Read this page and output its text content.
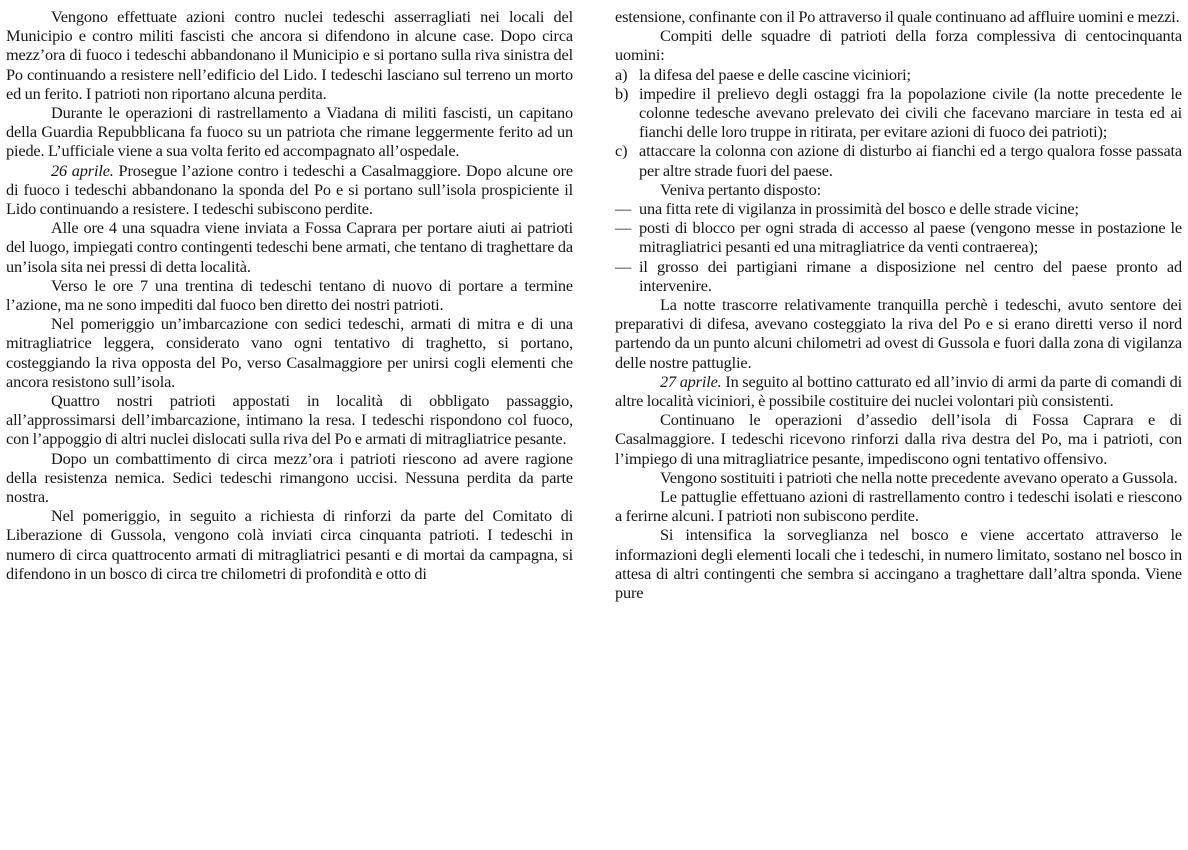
Vengono effettuate azioni contro nuclei tedeschi asserragliati nei locali del Municipio e contro militi fascisti che ancora si difendono in alcune case. Dopo circa mezz’ora di fuoco i tedeschi abbandonano il Municipio e si portano sulla riva sinistra del Po continuando a resistere nell’edificio del Lido. I tedeschi lasciano sul terreno un morto ed un ferito. I patrioti non riportano alcuna perdita.

Durante le operazioni di rastrellamento a Viadana di militi fascisti, un capitano della Guardia Repubblicana fa fuoco su un patriota che rimane leggermente ferito ad un piede. L’ufficiale viene a sua volta ferito ed accompagnato all’ospedale.

26 aprile. Prosegue l’azione contro i tedeschi a Casalmaggiore. Dopo alcune ore di fuoco i tedeschi abbandonano la sponda del Po e si portano sull’isola prospiciente il Lido continuando a resistere. I tedeschi subiscono perdite.

Alle ore 4 una squadra viene inviata a Fossa Caprara per portare aiuti ai patrioti del luogo, impiegati contro contingenti tedeschi bene armati, che tentano di traghettare da un’isola sita nei pressi di detta località.

Verso le ore 7 una trentina di tedeschi tentano di nuovo di portare a termine l’azione, ma ne sono impediti dal fuoco ben diretto dei nostri patrioti.

Nel pomeriggio un’imbarcazione con sedici tedeschi, armati di mitra e di una mitragliatrice leggera, considerato vano ogni tentativo di traghetto, si portano, costeggiando la riva opposta del Po, verso Casalmaggiore per unirsi cogli elementi che ancora resistono sull’isola.

Quattro nostri patrioti appostati in località di obbligato passaggio, all’approssimarsi dell’imbarcazione, intimano la resa. I tedeschi rispondono col fuoco, con l’appoggio di altri nuclei dislocati sulla riva del Po e armati di mitragliatrice pesante.

Dopo un combattimento di circa mezz’ora i patrioti riescono ad avere ragione della resistenza nemica. Sedici tedeschi rimangono uccisi. Nessuna perdita da parte nostra.

Nel pomeriggio, in seguito a richiesta di rinforzi da parte del Comitato di Liberazione di Gussola, vengono colà inviati circa cinquanta patrioti. I tedeschi in numero di circa quattrocento armati di mitragliatrici pesanti e di mortai da campagna, si difendono in un bosco di circa tre chilometri di profondità e otto di

estensione, confinante con il Po attraverso il quale continuano ad affluire uomini e mezzi.

Compiti delle squadre di patrioti della forza complessiva di centocinquanta uomini:

a) la difesa del paese e delle cascine viciniori;
b) impedire il prelievo degli ostaggi fra la popolazione civile (la notte precedente le colonne tedesche avevano prelevato dei civili che facevano marciare in testa ed ai fianchi delle loro truppe in ritirata, per evitare azioni di fuoco dei patrioti);
c) attaccare la colonna con azione di disturbo ai fianchi ed a tergo qualora fosse passata per altre strade fuori del paese.

Veniva pertanto disposto:

— una fitta rete di vigilanza in prossimità del bosco e delle strade vicine;
— posti di blocco per ogni strada di accesso al paese (vengono messe in postazione le mitragliatrici pesanti ed una mitragliatrice da venti contraerea);
— il grosso dei partigiani rimane a disposizione nel centro del paese pronto ad intervenire.

La notte trascorre relativamente tranquilla perchè i tedeschi, avuto sentore dei preparativi di difesa, avevano costeggiato la riva del Po e si erano diretti verso il nord partendo da un punto alcuni chilometri ad ovest di Gussola e fuori dalla zona di vigilanza delle nostre pattuglie.

27 aprile. In seguito al bottino catturato ed all’invio di armi da parte di comandi di altre località viciniori, è possibile costituire dei nuclei volontari più consistenti.

Continuano le operazioni d’assedio dell’isola di Fossa Caprara e di Casalmaggiore. I tedeschi ricevono rinforzi dalla riva destra del Po, ma i patrioti, con l’impiego di una mitragliatrice pesante, impediscono ogni tentativo offensivo.

Vengono sostituiti i patrioti che nella notte precedente avevano operato a Gussola.

Le pattuglie effettuano azioni di rastrellamento contro i tedeschi isolati e riescono a ferirne alcuni. I patrioti non subiscono perdite.

Si intensifica la sorveglianza nel bosco e viene accertato attraverso le informazioni degli elementi locali che i tedeschi, in numero limitato, sostano nel bosco in attesa di altri contingenti che sembra si accingano a traghettare dall’altra sponda. Viene pure
